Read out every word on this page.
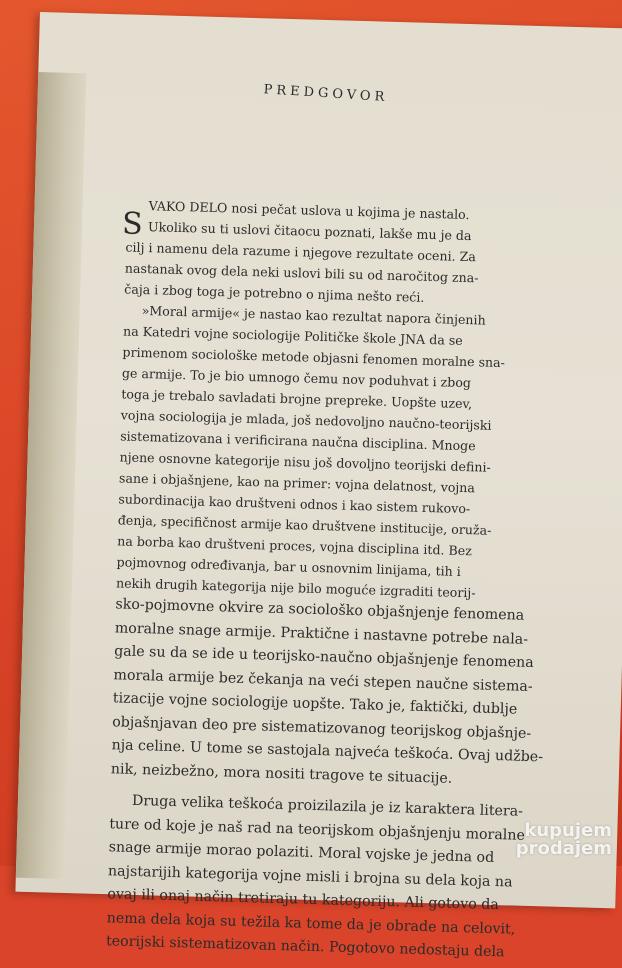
PREDGOVOR
S VAKO DELO nosi pečat uslova u kojima je nastalo.
Ukoliko su ti uslovi čitaocu poznati, lakše mu je da
cilj i namenu dela razume i njegove rezultate oceni. Za
nastanak ovog dela neki uslovi bili su od naročitog zna-
čaja i zbog toga je potrebno o njima nešto reći.
»Moral armije« je nastao kao rezultat napora činjenih
na Katedri vojne sociologije Političke škole JNA da se
primenom sociološke metode objasni fenomen moralne sna-
ge armije. To je bio umnogo čemu nov poduhvat i zbog
toga je trebalo savladati brojne prepreke. Uopšte uzev,
vojna sociologija je mlada, još nedovoljno naučno-teorijski
sistematizovana i verificirana naučna disciplina. Mnoge
njene osnovne kategorije nisu još dovoljno teorijski defini-
sane i objašnjene, kao na primer: vojna delatnost, vojna
subordinacija kao društveni odnos i kao sistem rukovo-
đenja, specifičnost armije kao društvene institucije, oruža-
na borba kao društveni proces, vojna disciplina itd. Bez
pojmovnog određivanja, bar u osnovnim linijama, tih i
nekih drugih kategorija nije bilo moguće izgraditi teorij-
sko-pojmovne okvire za sociološko objašnjenje fenomena
moralne snage armije. Praktične i nastavne potrebe nala-
gale su da se ide u teorijsko-naučno objašnjenje fenomena
morala armije bez čekanja na veći stepen naučne sistema-
tizacije vojne sociologije uopšte. Tako je, faktički, dublje
objašnjavan deo pre sistematizovanog teorijskog objašnje-
nja celine. U tome se sastojala najveća teškoća. Ovaj udžbe-
nik, neizbežno, mora nositi tragove te situacije.
Druga velika teškoća proizilazila je iz karaktera litera-
ture od koje je naš rad na teorijskom objašnjenju moralne
snage armije morao polaziti. Moral vojske je jedna od
najstarijih kategorija vojne misli i brojna su dela koja na
ovaj ili onaj način tretiraju tu kategoriju. Ali gotovo da
nema dela koja su težila ka tome da je obrade na celovit,
teorijski sistematizovan način. Pogotovo nedostaju dela
kupujem
prodajem
